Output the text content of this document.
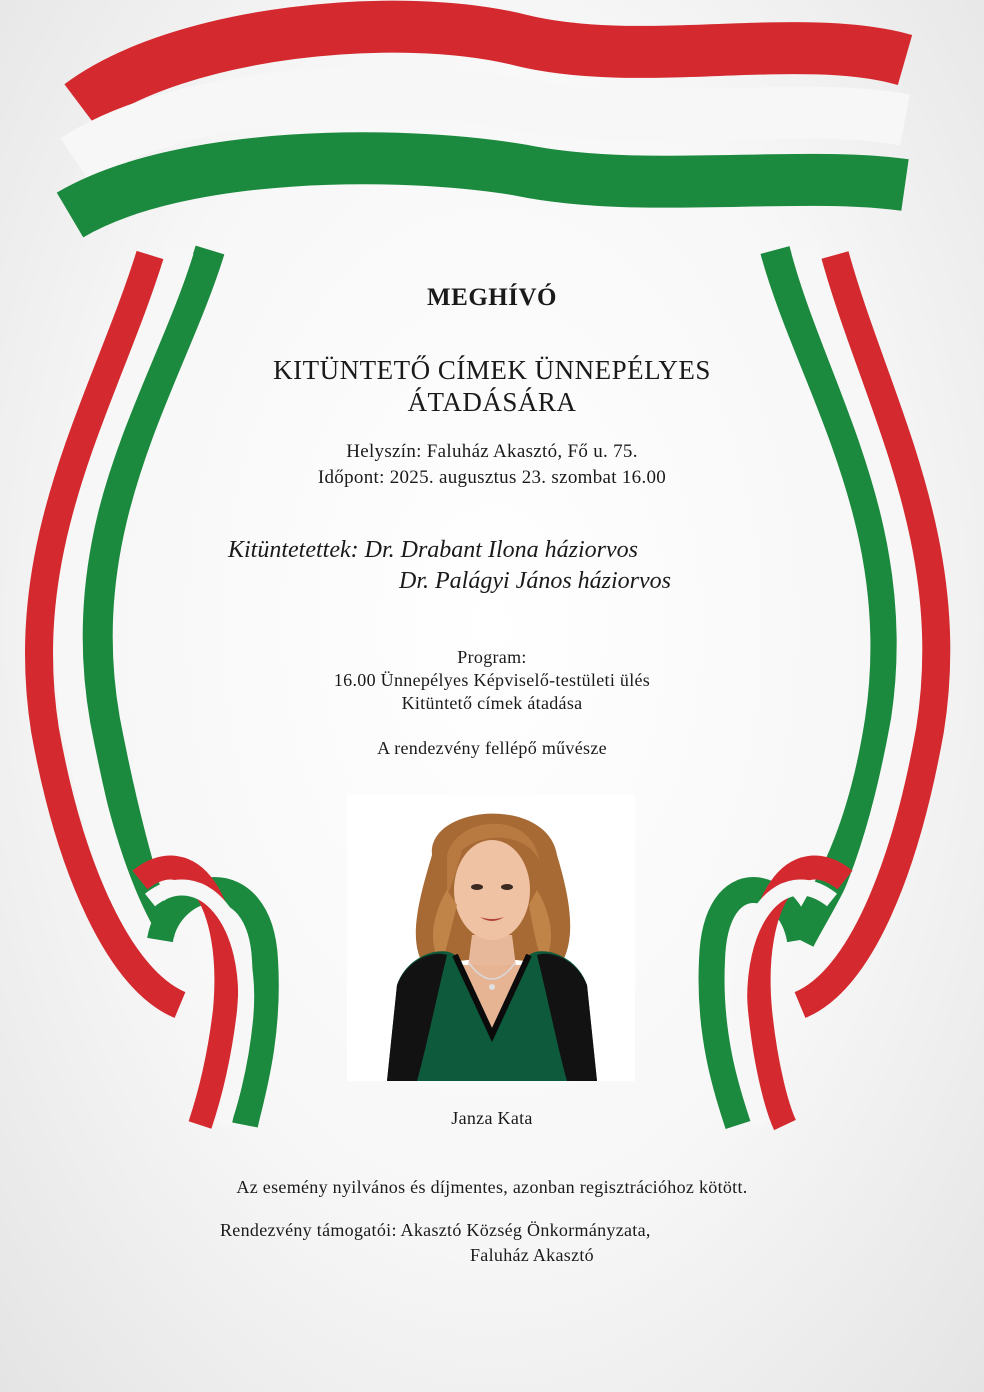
MEGHÍVÓ

KITÜNTETŐ CÍMEK ÜNNEPÉLYES

ÁTADÁSÁRA

Helyszín: Faluház Akasztó, Fő u. 75.

Időpont: 2025. augusztus 23. szombat 16.00

Kitüntetettek: Dr. Drabant Ilona háziorvos

Dr. Palágyi János háziorvos

Program:

16.00 Ünnepélyes Képviselő-testületi ülés

Kitüntető címek átadása

A rendezvény fellépő művésze

Janza Kata

Az esemény nyilvános és díjmentes, azonban regisztrációhoz kötött.

Rendezvény támogatói: Akasztó Község Önkormányzata,

Faluház Akasztó
